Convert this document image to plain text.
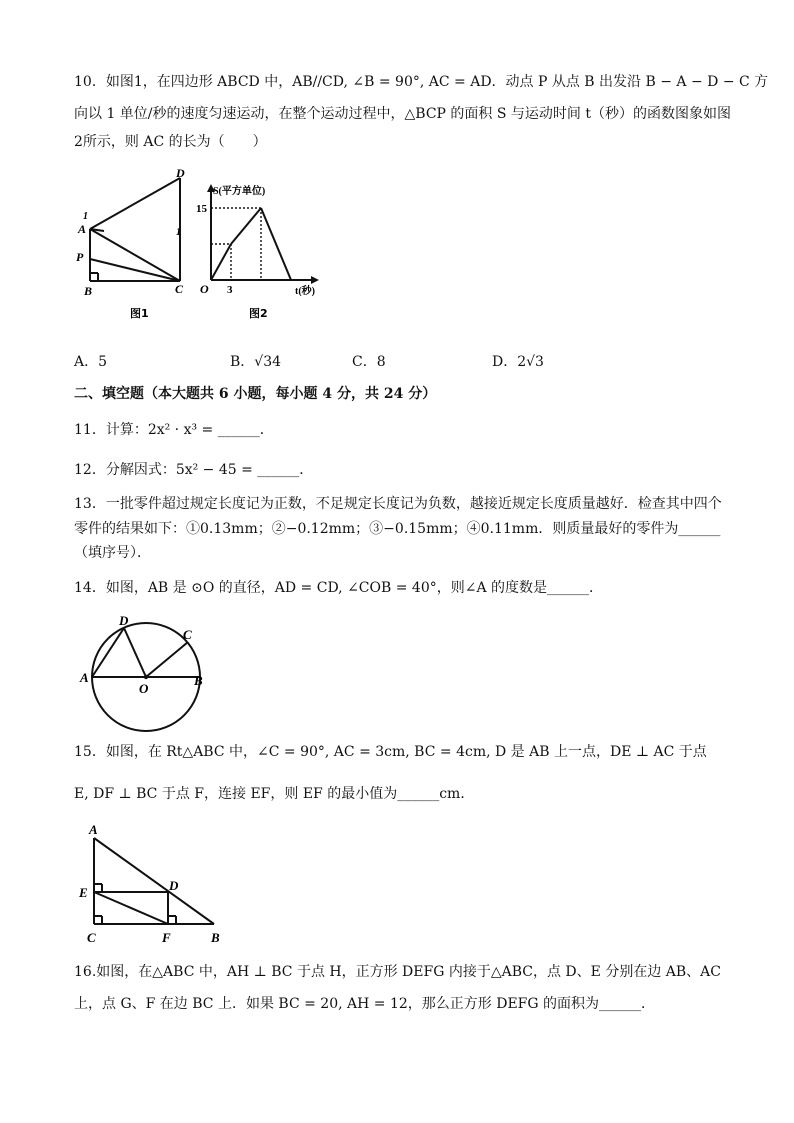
10．如图1，在四边形 ABCD 中，AB//CD, ∠B = 90°, AC = AD．动点 P 从点 B 出发沿 B − A − D − C 方
向以 1 单位/秒的速度匀速运动，在整个运动过程中，△BCP 的面积 S 与运动时间 t（秒）的函数图象如图
2所示，则 AC 的长为（　　）
D
1
A	1
P
B	C
图1
S(平方单位)
15
O 3	t(秒)
图2
A．5	B．√34	C．8	D．2√3
二、填空题（本大题共 6 小题，每小题 4 分，共 24 分）
11．计算：2x² · x³ = ______．
12．分解因式：5x² − 45 = ______．
13．一批零件超过规定长度记为正数，不足规定长度记为负数，越接近规定长度质量越好．检查其中四个
零件的结果如下：①0.13mm；②−0.12mm；③−0.15mm；④0.11mm．则质量最好的零件为______
（填序号）．
14．如图，AB 是 ⊙O 的直径，AD = CD, ∠COB = 40°，则∠A 的度数是______．
D
C
A
O
B
15．如图，在 Rt△ABC 中，∠C = 90°, AC = 3cm, BC = 4cm, D 是 AB 上一点，DE ⊥ AC 于点
E, DF ⊥ BC 于点 F，连接 EF，则 EF 的最小值为______cm．
A
E	D
C	F	B
16.如图，在△ABC 中，AH ⊥ BC 于点 H，正方形 DEFG 内接于△ABC，点 D、E 分别在边 AB、AC
上，点 G、F 在边 BC 上．如果 BC = 20, AH = 12，那么正方形 DEFG 的面积为______．
